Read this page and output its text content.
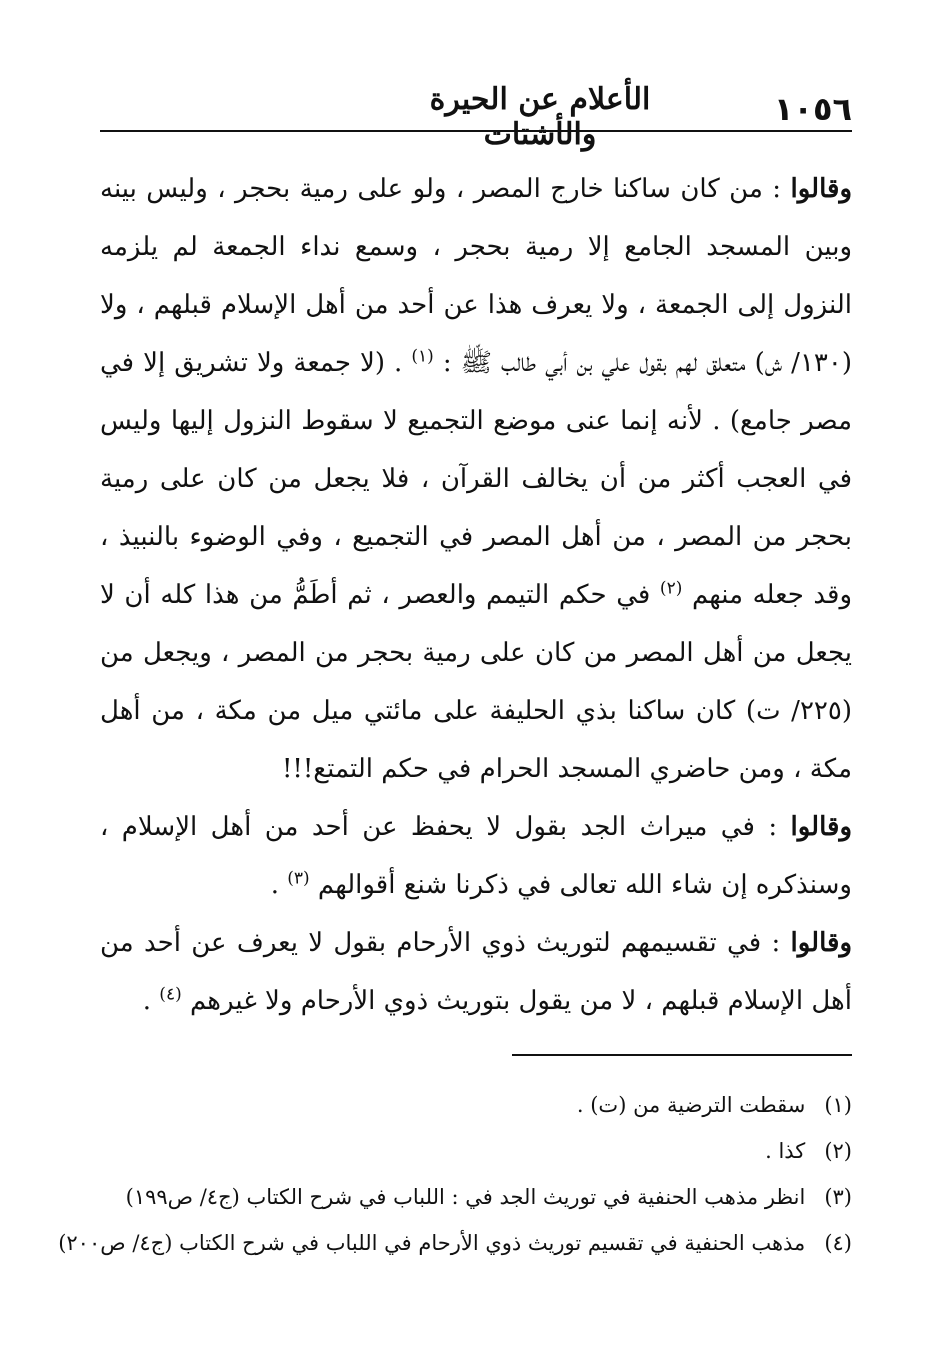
الأعلام عن الحيرة والأشتات
١٠٥٦

وقالوا : من كان ساكنا خارج المصر ، ولو على رمية بحجر ، وليس بينه وبين المسجد الجامع إلا رمية بحجر ، وسمع نداء الجمعة لم يلزمه النزول إلى الجمعة ، ولا يعرف هذا عن أحد من أهل الإسلام قبلهم ، ولا (١٣٠/ ش) متعلق لهم بقول علي بن أبي طالب ﷺ : $^{(١)}$ . (لا جمعة ولا تشريق إلا في مصر جامع) . لأنه إنما عنى موضع التجميع لا سقوط النزول إليها وليس في العجب أكثر من أن يخالف القرآن ، فلا يجعل من كان على رمية بحجر من المصر ، من أهل المصر في التجميع ، وفي الوضوء بالنبيذ ، وقد جعله منهم $^{(٢)}$ في حكم التيمم والعصر ، ثم أطَمُّ من هذا كله أن لا يجعل من أهل المصر من كان على رمية بحجر من المصر ، ويجعل من (٢٢٥/ ت) كان ساكنا بذي الحليفة على مائتي ميل من مكة ، من أهل مكة ، ومن حاضري المسجد الحرام في حكم التمتع!!!

وقالوا : في ميراث الجد بقول لا يحفظ عن أحد من أهل الإسلام ، وسنذكره إن شاء الله تعالى في ذكرنا شنع أقوالهم $^{(٣)}$ .

وقالوا : في تقسيمهم لتوريث ذوي الأرحام بقول لا يعرف عن أحد من أهل الإسلام قبلهم ، لا من يقول بتوريث ذوي الأرحام ولا غيرهم $^{(٤)}$ .

(١) سقطت الترضية من (ت) .
(٢) كذا .
(٣) انظر مذهب الحنفية في توريث الجد في : اللباب في شرح الكتاب (ج٤/ ص١٩٩)
(٤) مذهب الحنفية في تقسيم توريث ذوي الأرحام في اللباب في شرح الكتاب (ج٤/ ص٢٠٠)
